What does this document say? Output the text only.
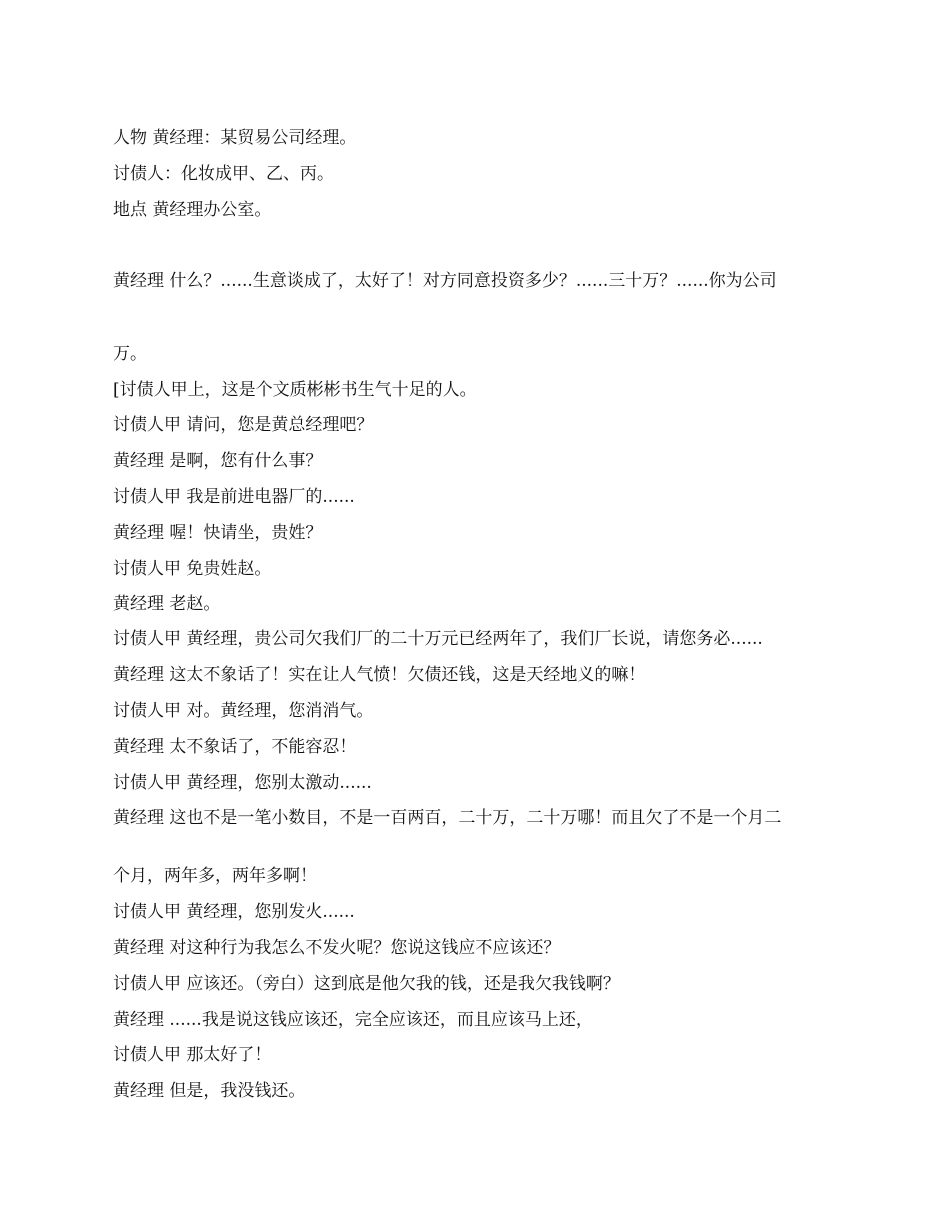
人物 黄经理：某贸易公司经理。
讨债人：化妆成甲、乙、丙。
地点 黄经理办公室。
黄经理 什么？......生意谈成了，太好了！对方同意投资多少？......三十万？......你为公司
万。
[讨债人甲上，这是个文质彬彬书生气十足的人。
讨债人甲 请问，您是黄总经理吧？
黄经理 是啊，您有什么事？
讨债人甲 我是前进电器厂的......
黄经理 喔！快请坐，贵姓？
讨债人甲 免贵姓赵。
黄经理 老赵。
讨债人甲 黄经理，贵公司欠我们厂的二十万元已经两年了，我们厂长说，请您务必......
黄经理 这太不象话了！实在让人气愤！欠债还钱，这是天经地义的嘛！
讨债人甲 对。黄经理，您消消气。
黄经理 太不象话了，不能容忍！
讨债人甲 黄经理，您别太激动......
黄经理 这也不是一笔小数目，不是一百两百，二十万，二十万哪！而且欠了不是一个月二
个月，两年多，两年多啊！
讨债人甲 黄经理，您别发火......
黄经理 对这种行为我怎么不发火呢？您说这钱应不应该还？
讨债人甲 应该还。（旁白）这到底是他欠我的钱，还是我欠我钱啊？
黄经理 ......我是说这钱应该还，完全应该还，而且应该马上还，
讨债人甲 那太好了！
黄经理 但是，我没钱还。
